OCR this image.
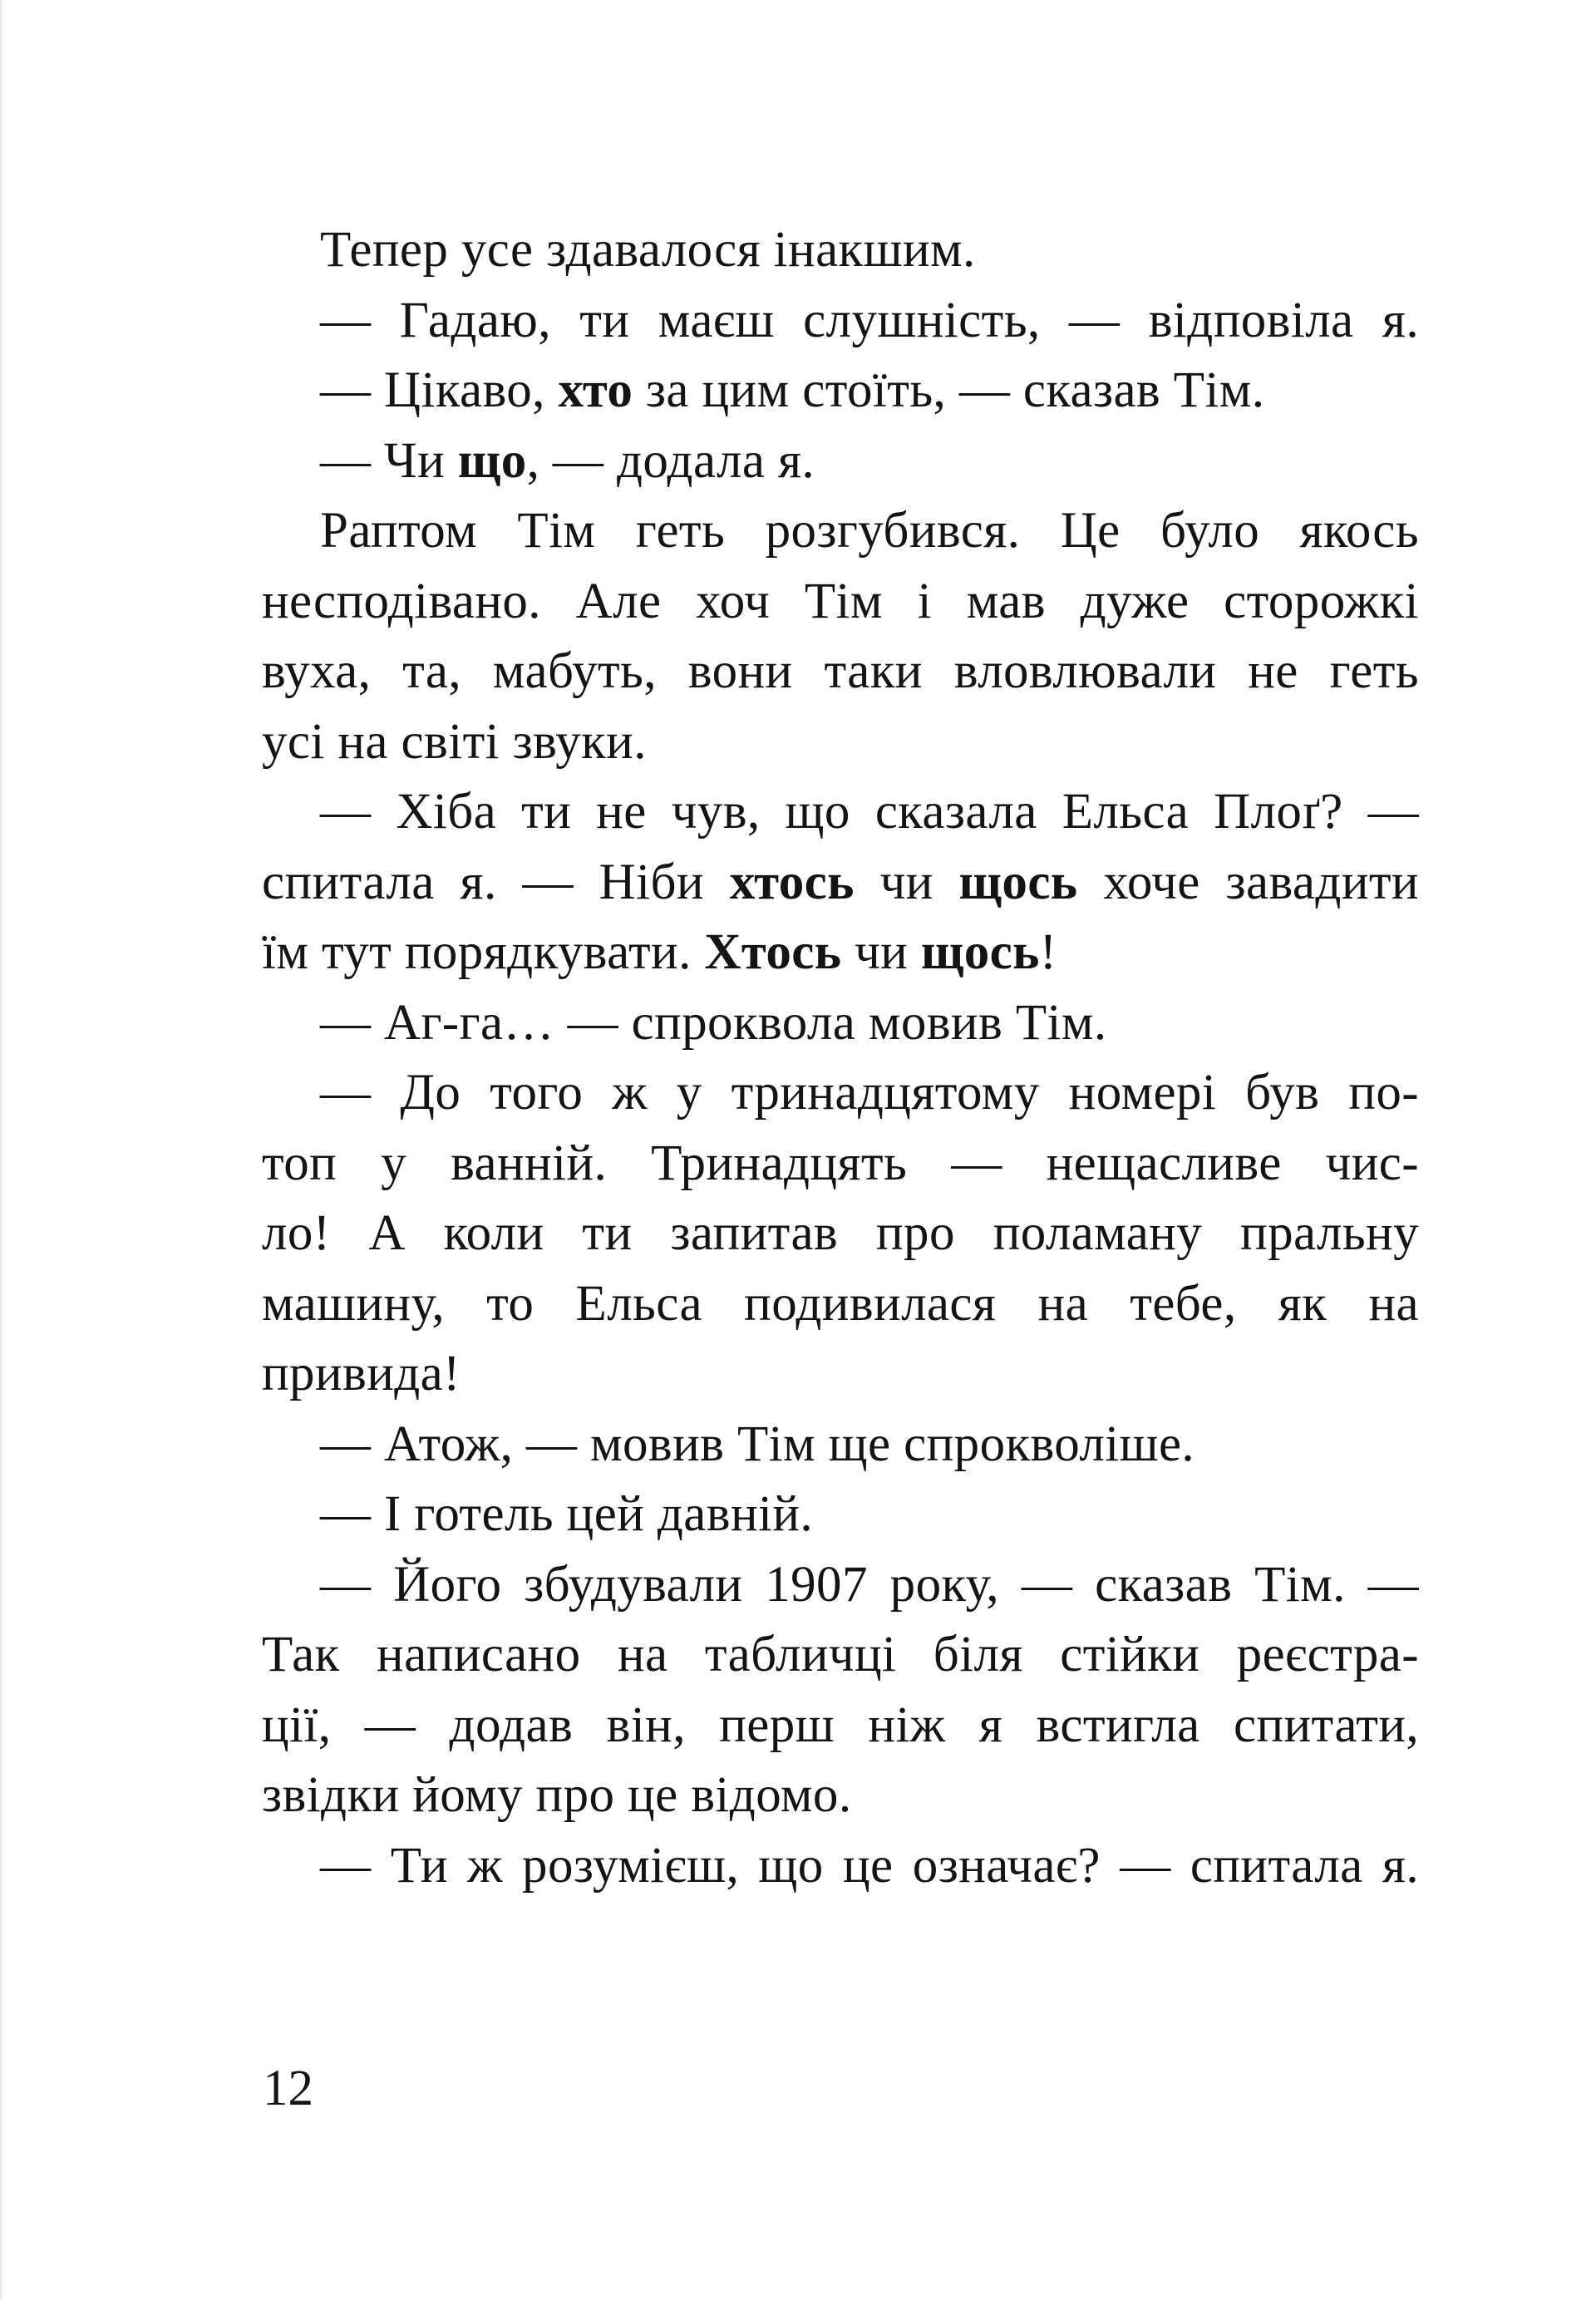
Тепер усе здавалося інакшим.
— Гадаю, ти маєш слушність, — відповіла я.
— Цікаво, хто за цим стоїть, — сказав Тім.
— Чи що, — додала я.
Раптом Тім геть розгубився. Це було якось
несподівано. Але хоч Тім і мав дуже сторожкі
вуха, та, мабуть, вони таки вловлювали не геть
усі на світі звуки.
— Хіба ти не чув, що сказала Ельса Плоґ? —
спитала я. — Ніби хтось чи щось хоче завадити
їм тут порядкувати. Хтось чи щось!
— Аг-га… — спроквола мовив Тім.
— До того ж у тринадцятому номері був по-
топ у ванній. Тринадцять — нещасливе чис-
ло! А коли ти запитав про поламану пральну
машину, то Ельса подивилася на тебе, як на
привида!
— Атож, — мовив Тім ще спрокволіше.
— І готель цей давній.
— Його збудували 1907 року, — сказав Тім. —
Так написано на табличці біля стійки реєстра-
ції, — додав він, перш ніж я встигла спитати,
звідки йому про це відомо.
— Ти ж розумієш, що це означає? — спитала я.
12
